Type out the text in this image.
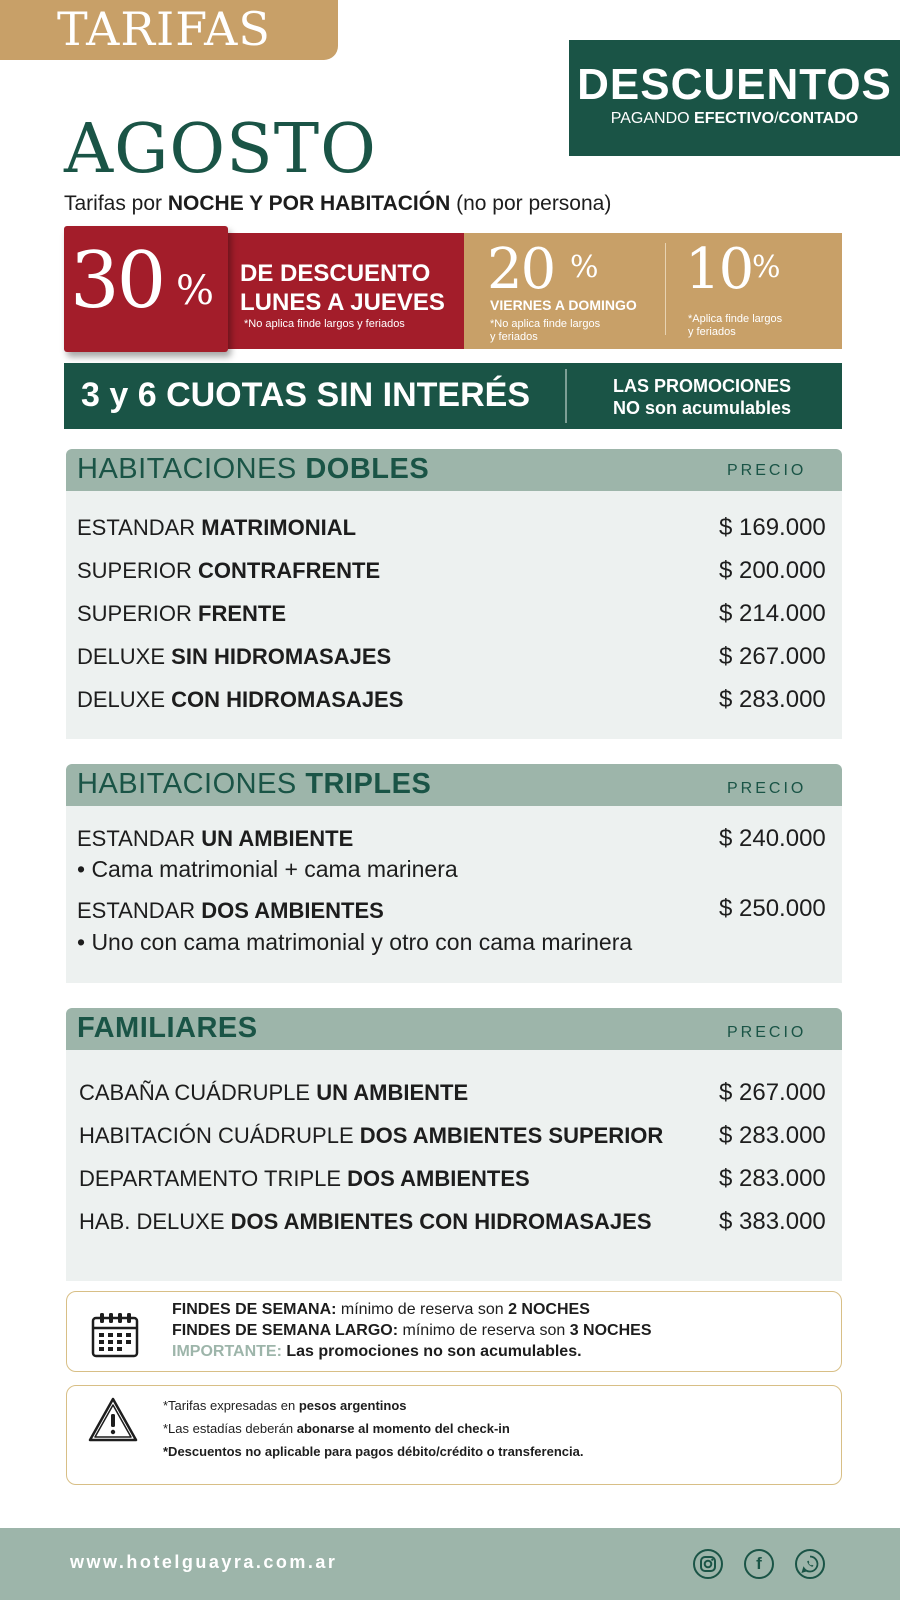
TARIFAS
DESCUENTOS
PAGANDO EFECTIVO/CONTADO
AGOSTO
Tarifas por NOCHE Y POR HABITACIÓN (no por persona)
30 % DE DESCUENTO
LUNES A JUEVES
*No aplica finde largos y feriados
20 %
VIERNES A DOMINGO
*No aplica finde largos
y feriados
10 %
*Aplica finde largos
y feriados
3 y 6 CUOTAS SIN INTERÉS	LAS PROMOCIONES
NO son acumulables
HABITACIONES DOBLES	PRECIO
ESTANDAR MATRIMONIAL	$ 169.000
SUPERIOR CONTRAFRENTE	$ 200.000
SUPERIOR FRENTE	$ 214.000
DELUXE SIN HIDROMASAJES	$ 267.000
DELUXE CON HIDROMASAJES	$ 283.000
HABITACIONES TRIPLES	PRECIO
ESTANDAR UN AMBIENTE	$ 240.000
• Cama matrimonial + cama marinera
ESTANDAR DOS AMBIENTES	$ 250.000
• Uno con cama matrimonial y otro con cama marinera
FAMILIARES	PRECIO
CABAÑA CUÁDRUPLE UN AMBIENTE	$ 267.000
HABITACIÓN CUÁDRUPLE DOS AMBIENTES SUPERIOR $ 283.000
DEPARTAMENTO TRIPLE DOS AMBIENTES	$ 283.000
HAB. DELUXE DOS AMBIENTES CON HIDROMASAJES	$ 383.000
FINDES DE SEMANA: mínimo de reserva son 2 NOCHES
FINDES DE SEMANA LARGO: mínimo de reserva son 3 NOCHES
IMPORTANTE: Las promociones no son acumulables.
*Tarifas expresadas en pesos argentinos
*Las estadías deberán abonarse al momento del check-in
*Descuentos no aplicable para pagos débito/crédito o transferencia.
www.hotelguayra.com.ar	f
